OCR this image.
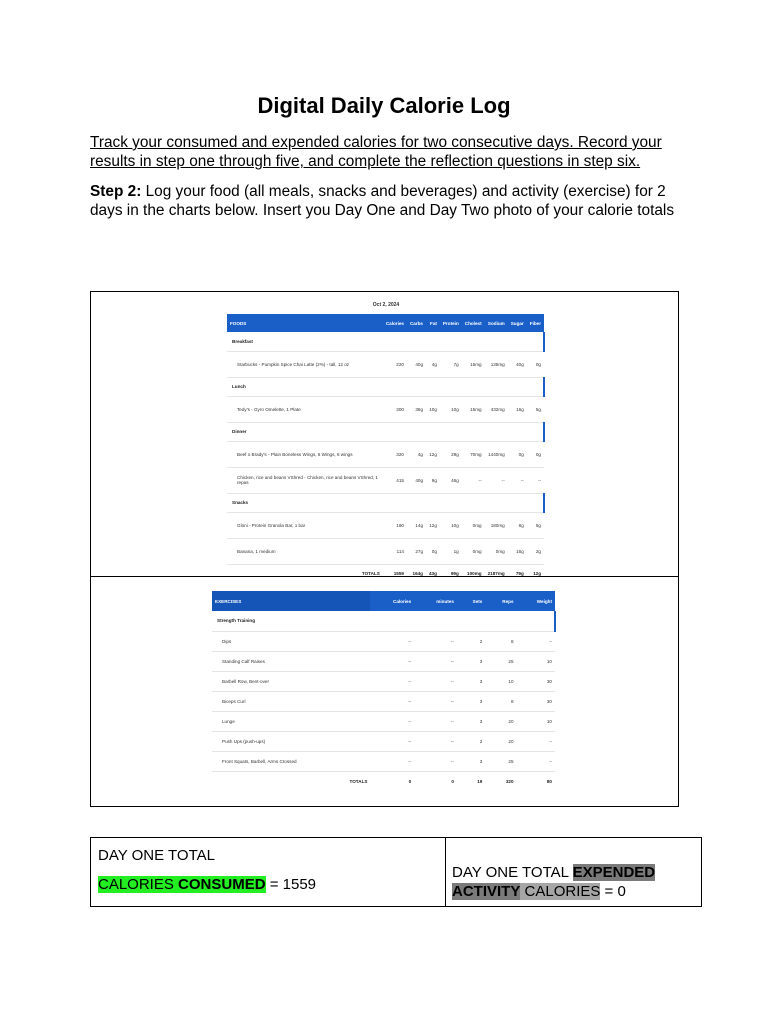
Digital Daily Calorie Log

Track your consumed and expended calories for two consecutive days. Record your results in step one through five, and complete the reflection questions in step six.

Step 2: Log your food (all meals, snacks and beverages) and activity (exercise) for 2 days in the charts below. Insert you Day One and Day Two photo of your calorie totals

Oct 2, 2024
FOODS	Calories	Carbs	Fat	Protein	Cholest	Sodium	Sugar	Fiber
Breakfast								
Starbucks - Pumpkin Spice Chai Latte (2%) - tall, 12 oz	220	40g	4g	7g	15mg	135mg	40g	0g
Lunch								
Tedy's - Gyro Omelette, 1 Plate	300	38g	10g	10g	15mg	432mg	16g	5g
Dinner								
Beef o Brady's - Plain Boneless Wings, 6 Wings, 6 wings	320	4g	12g	29g	70mg	1440mg	0g	0g
Chicken, rice and beans VShred - Chicken, rice and beans VShred, 1 repas	415	40g	9g	46g	--	--	--	--
Snacks								
Gloni - Protein Granola Bar, 1 bar	190	14g	12g	10g	0mg	180mg	6g	5g
Banana, 1 medium	114	27g	0g	1g	0mg	0mg	16g	2g
TOTALS	1559	164g	43g	99g	100mg	2187mg	79g	12g
EXERCISES	Calories	minutes	Sets	Reps	Weight
Strength Training					
Dips	--	--	2	8	--
Standing Calf Raises	--	--	3	25	10
Barbell Row, Bent-over	--	--	3	10	30
Biceps Curl	--	--	3	8	30
Lunge	--	--	3	20	10
Push Ups (push-ups)	--	--	2	20	--
Front Squats, Barbell, Arms Crossed	--	--	3	25	--
TOTALS	0	0	19	320	80
DAY ONE TOTAL
CALORIES CONSUMED = 1559
	DAY ONE TOTAL EXPENDED ACTIVITY CALORIES = 0
